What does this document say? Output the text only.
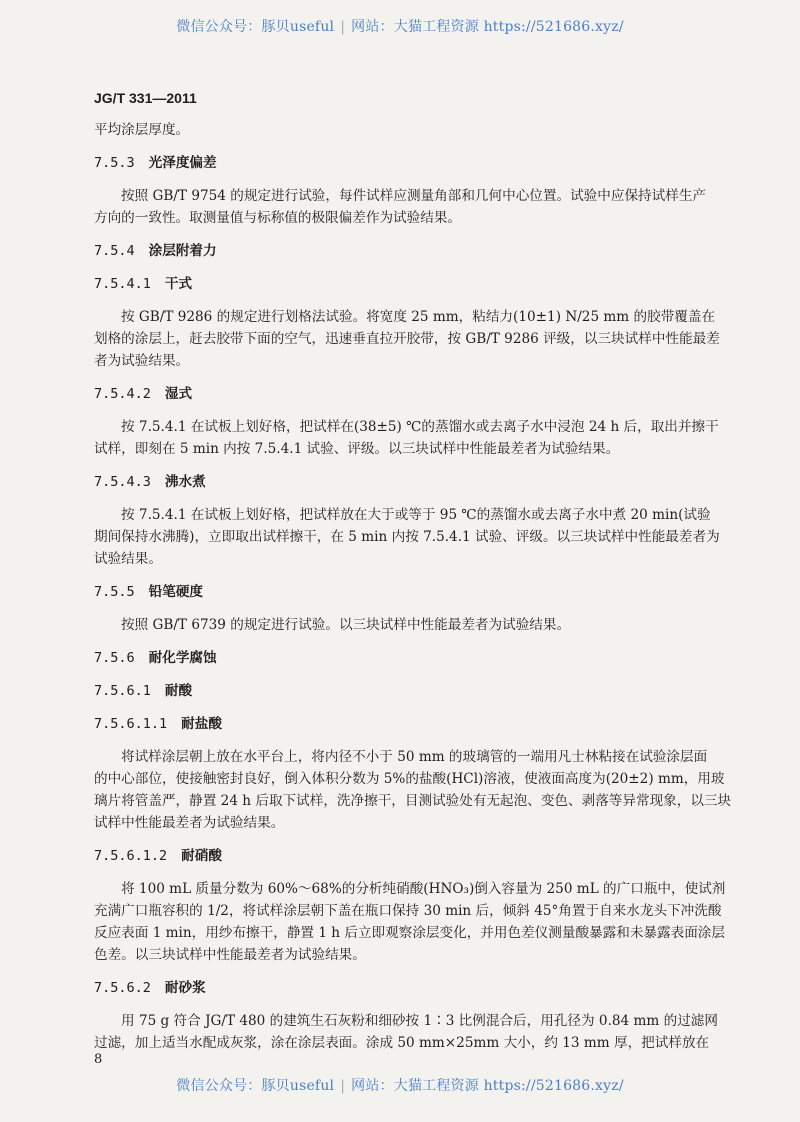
微信公众号：豚贝useful | 网站：大猫工程资源 https://521686.xyz/
JG/T 331—2011
平均涂层厚度。
7.5.3 光泽度偏差
按照 GB/T 9754 的规定进行试验，每件试样应测量角部和几何中心位置。试验中应保持试样生产
方向的一致性。取测量值与标称值的极限偏差作为试验结果。
7.5.4 涂层附着力
7.5.4.1 干式
按 GB/T 9286 的规定进行划格法试验。将宽度 25 mm，粘结力(10±1) N/25 mm 的胶带覆盖在
划格的涂层上，赶去胶带下面的空气，迅速垂直拉开胶带，按 GB/T 9286 评级，以三块试样中性能最差
者为试验结果。
7.5.4.2 湿式
按 7.5.4.1 在试板上划好格，把试样在(38±5) ℃的蒸馏水或去离子水中浸泡 24 h 后，取出并擦干
试样，即刻在 5 min 内按 7.5.4.1 试验、评级。以三块试样中性能最差者为试验结果。
7.5.4.3 沸水煮
按 7.5.4.1 在试板上划好格，把试样放在大于或等于 95 ℃的蒸馏水或去离子水中煮 20 min(试验
期间保持水沸腾)，立即取出试样擦干，在 5 min 内按 7.5.4.1 试验、评级。以三块试样中性能最差者为
试验结果。
7.5.5 铅笔硬度
按照 GB/T 6739 的规定进行试验。以三块试样中性能最差者为试验结果。
7.5.6 耐化学腐蚀
7.5.6.1 耐酸
7.5.6.1.1 耐盐酸
将试样涂层朝上放在水平台上，将内径不小于 50 mm 的玻璃管的一端用凡士林粘接在试验涂层面
的中心部位，使接触密封良好，倒入体积分数为 5%的盐酸(HCl)溶液，使液面高度为(20±2) mm，用玻
璃片将管盖严，静置 24 h 后取下试样，洗净擦干，目测试验处有无起泡、变色、剥落等异常现象，以三块
试样中性能最差者为试验结果。
7.5.6.1.2 耐硝酸
将 100 mL 质量分数为 60%～68%的分析纯硝酸(HNO₃)倒入容量为 250 mL 的广口瓶中，使试剂
充满广口瓶容积的 1/2，将试样涂层朝下盖在瓶口保持 30 min 后，倾斜 45°角置于自来水龙头下冲洗酸
反应表面 1 min，用纱布擦干，静置 1 h 后立即观察涂层变化，并用色差仪测量酸暴露和未暴露表面涂层
色差。以三块试样中性能最差者为试验结果。
7.5.6.2 耐砂浆
用 75 g 符合 JG/T 480 的建筑生石灰粉和细砂按 1∶3 比例混合后，用孔径为 0.84 mm 的过滤网
过滤，加上适当水配成灰浆，涂在涂层表面。涂成 50 mm×25mm 大小，约 13 mm 厚，把试样放在
8
微信公众号：豚贝useful | 网站：大猫工程资源 https://521686.xyz/
